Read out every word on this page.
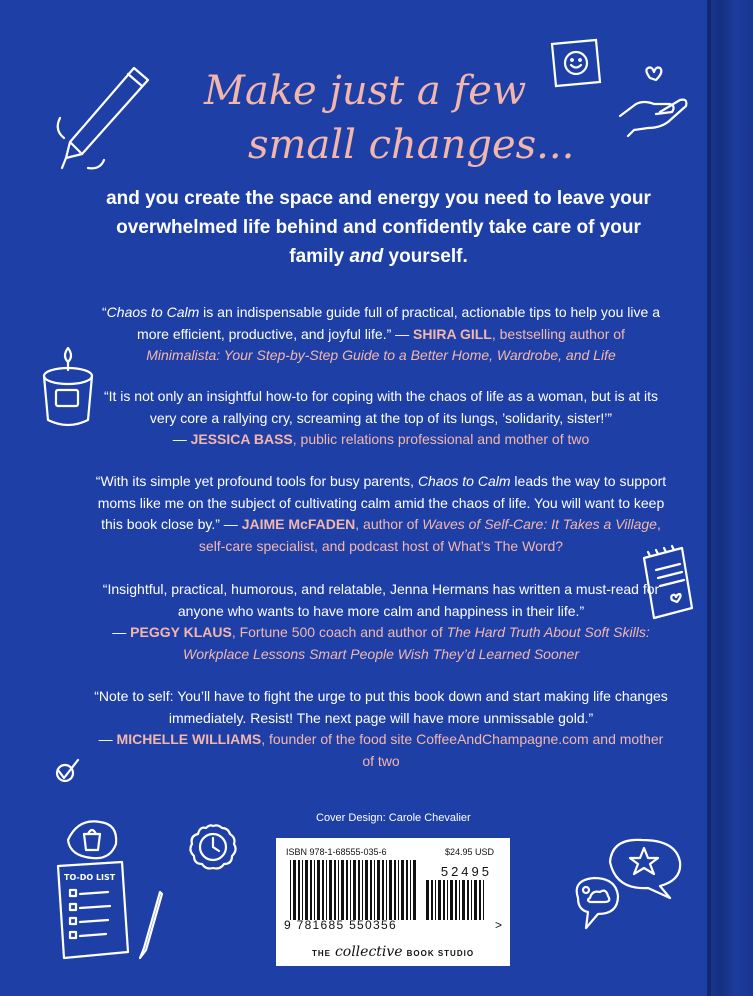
TO-DO LIST
Make just a few
small changes...
and you create the space and energy you need to leave your overwhelmed life behind and confidently take care of your family and yourself.
“Chaos to Calm is an indispensable guide full of practical, actionable tips to help you live a more efficient, productive, and joyful life.” — SHIRA GILL, bestselling author of
Minimalista: Your Step-by-Step Guide to a Better Home, Wardrobe, and Life
“It is not only an insightful how-to for coping with the chaos of life as a woman, but is at its very core a rallying cry, screaming at the top of its lungs, ’solidarity, sister!’”
— JESSICA BASS, public relations professional and mother of two
“With its simple yet profound tools for busy parents, Chaos to Calm leads the way to support moms like me on the subject of cultivating calm amid the chaos of life. You will want to keep this book close by.” — JAIME McFADEN, author of Waves of Self-Care: It Takes a Village, self-care specialist, and podcast host of What’s The Word?
“Insightful, practical, humorous, and relatable, Jenna Hermans has written a must-read for anyone who wants to have more calm and happiness in their life.”
— PEGGY KLAUS, Fortune 500 coach and author of The Hard Truth About Soft Skills: Workplace Lessons Smart People Wish They’d Learned Sooner
“Note to self: You’ll have to fight the urge to put this book down and start making life changes immediately. Resist! The next page will have more unmissable gold.”
— MICHELLE WILLIAMS, founder of the food site CoffeeAndChampagne.com and mother of two
Cover Design: Carole Chevalier
ISBN 978-1-68555-035-6	$24.95 USD
52495
9 781685 550356	>
THE collective BOOK STUDIO
